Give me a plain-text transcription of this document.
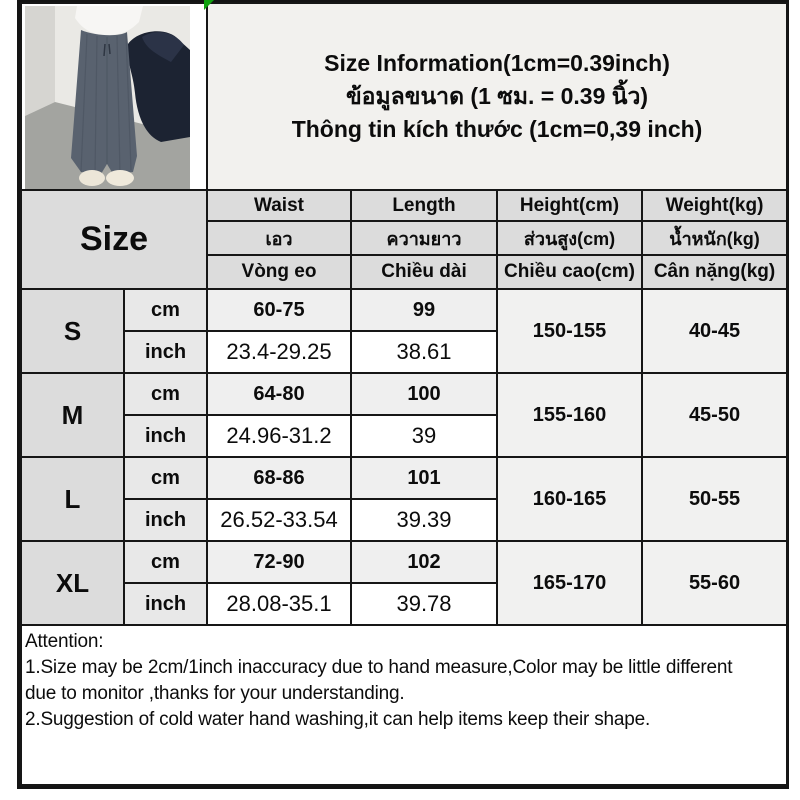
Size Information(1cm=0.39inch)
ข้อมูลขนาด (1 ซม. = 0.39 นิ้ว)
Thông tin kích thước (1cm=0,39 inch)			

Size		Waist	Length	Height(cm)	Weight(kg)
		เอว	ความยาว	ส่วนสูง(cm)	น้ำหนัก(kg)
		Vòng eo	Chiều dài	Chiều cao(cm)	Cân nặng(kg)
S	cm	60-75	99	150-155	40-45
	inch	23.4-29.25	38.61		
M	cm	64-80	100	155-160	45-50
	inch	24.96-31.2	39		
L	cm	68-86	101	160-165	50-55
	inch	26.52-33.54	39.39		
XL	cm	72-90	102	165-170	55-60
	inch	28.08-35.1	39.78		

Attention:
1.Size may be 2cm/1inch inaccuracy due to hand measure,Color may be little different
due to monitor ,thanks for your understanding.
2.Suggestion of cold water hand washing,it can help items keep their shape.					
